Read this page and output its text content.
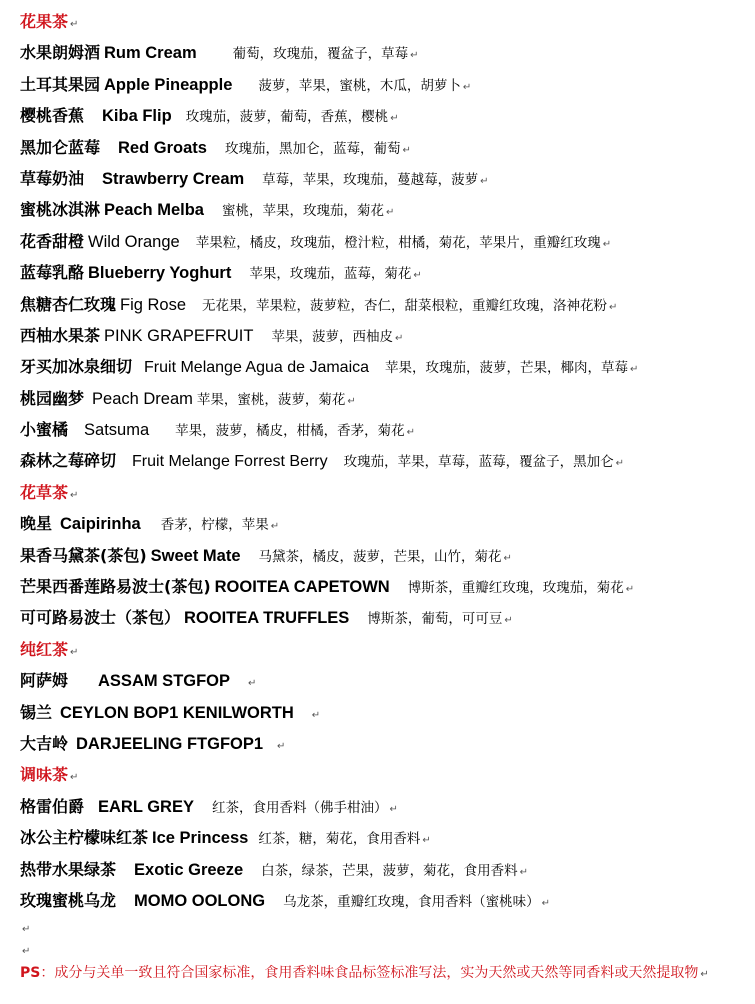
花果茶 ↵
水果朗姆酒 Rum Cream	葡萄，玫瑰茄，覆盆子，草莓 ↵
土耳其果园 Apple Pineapple 菠萝，苹果，蜜桃，木瓜，胡萝卜 ↵
樱桃香蕉 Kiba Flip 玫瑰茄，菠萝，葡萄，香蕉，樱桃 ↵
黑加仑蓝莓 Red Groats 玫瑰茄，黑加仑，蓝莓，葡萄 ↵
草莓奶油 Strawberry Cream 草莓，苹果，玫瑰茄，蔓越莓，菠萝 ↵
蜜桃冰淇淋 Peach Melba 蜜桃，苹果，玫瑰茄，菊花 ↵
花香甜橙 Wild Orange 苹果粒，橘皮，玫瑰茄，橙汁粒，柑橘，菊花，苹果片，重瓣红玫瑰 ↵
蓝莓乳酪 Blueberry Yoghurt 苹果，玫瑰茄，蓝莓，菊花 ↵
焦糖杏仁玫瑰 Fig Rose 无花果，苹果粒，菠萝粒，杏仁，甜菜根粒，重瓣红玫瑰，洛神花粉 ↵
西柚水果茶 PINK GRAPEFRUIT 苹果，菠萝，西柚皮 ↵
牙买加冰泉细切 Fruit Melange Agua de Jamaica 苹果，玫瑰茄，菠萝，芒果，椰肉，草莓 ↵
桃园幽梦 Peach Dream 苹果，蜜桃，菠萝，菊花 ↵
小蜜橘 Satsuma 苹果，菠萝，橘皮，柑橘，香茅，菊花 ↵
森林之莓碎切 Fruit Melange Forrest Berry 玫瑰茄，苹果，草莓，蓝莓，覆盆子，黑加仑 ↵
花草茶 ↵
晚星 Caipirinha 香茅，柠檬，苹果 ↵
果香马黛茶(茶包) Sweet Mate 马黛茶，橘皮，菠萝，芒果，山竹，菊花 ↵
芒果西番莲路易波士(茶包) ROOITEA CAPETOWN 博斯茶，重瓣红玫瑰，玫瑰茄，菊花 ↵
可可路易波士（茶包） ROOITEA TRUFFLES 博斯茶，葡萄，可可豆 ↵
纯红茶 ↵
阿萨姆 ASSAM STGFOP ↵
锡兰 CEYLON BOP1 KENILWORTH ↵
大吉岭 DARJEELING FTGFOP1 ↵
调味茶 ↵
格雷伯爵 EARL GREY 红茶，食用香料（佛手柑油） ↵
冰公主柠檬味红茶 Ice Princess 红茶，糖，菊花，食用香料 ↵
热带水果绿茶 Exotic Greeze 白茶，绿茶，芒果，菠萝，菊花，食用香料 ↵
玫瑰蜜桃乌龙 MOMO OOLONG 乌龙茶，重瓣红玫瑰，食用香料（蜜桃味） ↵
↵
↵
PS：成分与关单一致且符合国家标准，食用香料味食品标签标准写法，实为天然或天然等同香料或天然提取物 ↵
